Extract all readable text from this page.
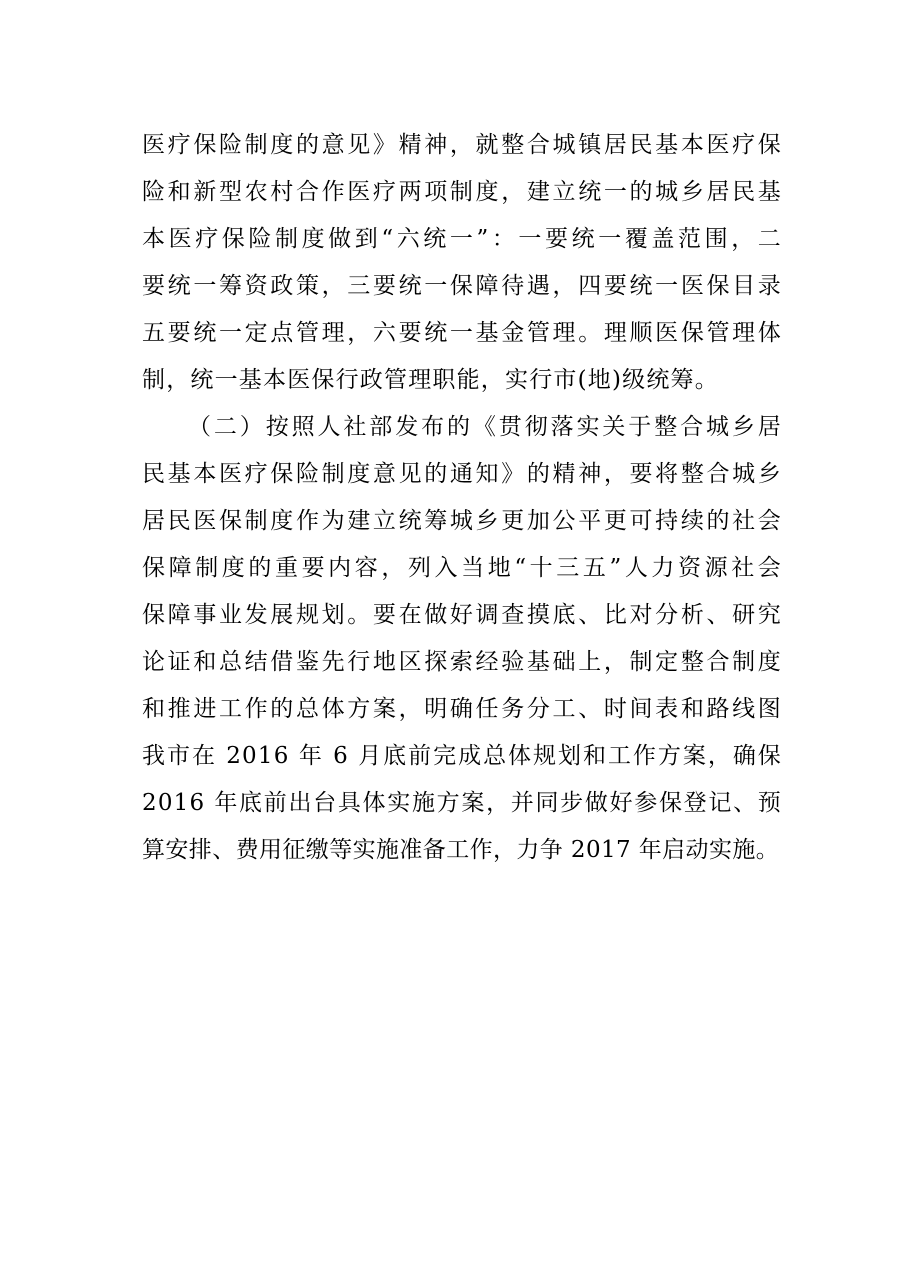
医疗保险制度的意见》精神，就整合城镇居民基本医疗保
险和新型农村合作医疗两项制度，建立统一的城乡居民基
本医疗保险制度做到“六统一”：一要统一覆盖范围，二
要统一筹资政策，三要统一保障待遇，四要统一医保目录
五要统一定点管理，六要统一基金管理。理顺医保管理体
制，统一基本医保行政管理职能，实行市(地)级统筹。
（二）按照人社部发布的《贯彻落实关于整合城乡居
民基本医疗保险制度意见的通知》的精神，要将整合城乡
居民医保制度作为建立统筹城乡更加公平更可持续的社会
保障制度的重要内容，列入当地“十三五”人力资源社会
保障事业发展规划。要在做好调查摸底、比对分析、研究
论证和总结借鉴先行地区探索经验基础上，制定整合制度
和推进工作的总体方案，明确任务分工、时间表和路线图
我市在 2016 年 6 月底前完成总体规划和工作方案，确保
2016 年底前出台具体实施方案，并同步做好参保登记、预
算安排、费用征缴等实施准备工作，力争 2017 年启动实施。
